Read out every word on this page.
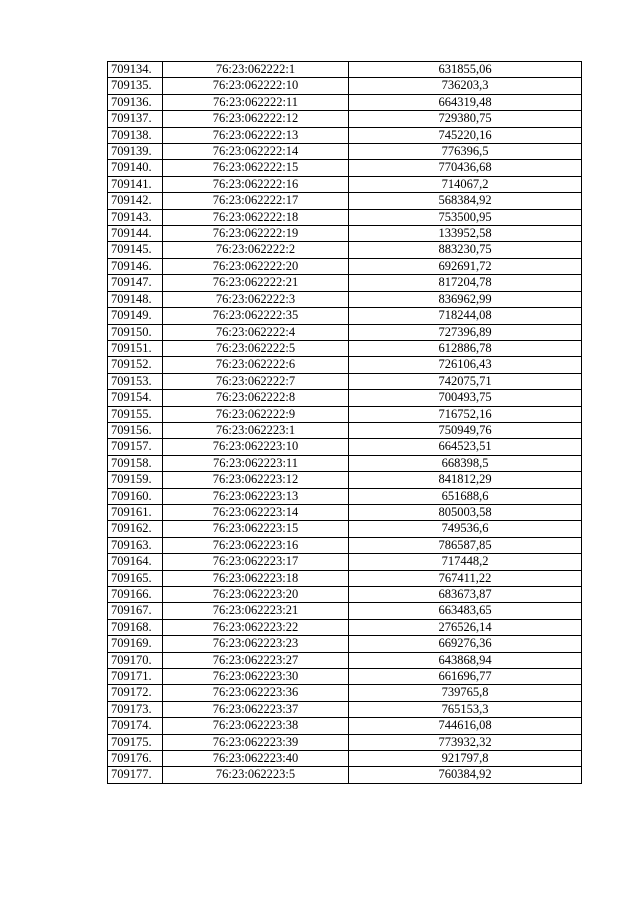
709134.	76:23:062222:1	631855,06
709135.	76:23:062222:10	736203,3
709136.	76:23:062222:11	664319,48
709137.	76:23:062222:12	729380,75
709138.	76:23:062222:13	745220,16
709139.	76:23:062222:14	776396,5
709140.	76:23:062222:15	770436,68
709141.	76:23:062222:16	714067,2
709142.	76:23:062222:17	568384,92
709143.	76:23:062222:18	753500,95
709144.	76:23:062222:19	133952,58
709145.	76:23:062222:2	883230,75
709146.	76:23:062222:20	692691,72
709147.	76:23:062222:21	817204,78
709148.	76:23:062222:3	836962,99
709149.	76:23:062222:35	718244,08
709150.	76:23:062222:4	727396,89
709151.	76:23:062222:5	612886,78
709152.	76:23:062222:6	726106,43
709153.	76:23:062222:7	742075,71
709154.	76:23:062222:8	700493,75
709155.	76:23:062222:9	716752,16
709156.	76:23:062223:1	750949,76
709157.	76:23:062223:10	664523,51
709158.	76:23:062223:11	668398,5
709159.	76:23:062223:12	841812,29
709160.	76:23:062223:13	651688,6
709161.	76:23:062223:14	805003,58
709162.	76:23:062223:15	749536,6
709163.	76:23:062223:16	786587,85
709164.	76:23:062223:17	717448,2
709165.	76:23:062223:18	767411,22
709166.	76:23:062223:20	683673,87
709167.	76:23:062223:21	663483,65
709168.	76:23:062223:22	276526,14
709169.	76:23:062223:23	669276,36
709170.	76:23:062223:27	643868,94
709171.	76:23:062223:30	661696,77
709172.	76:23:062223:36	739765,8
709173.	76:23:062223:37	765153,3
709174.	76:23:062223:38	744616,08
709175.	76:23:062223:39	773932,32
709176.	76:23:062223:40	921797,8
709177.	76:23:062223:5	760384,92
